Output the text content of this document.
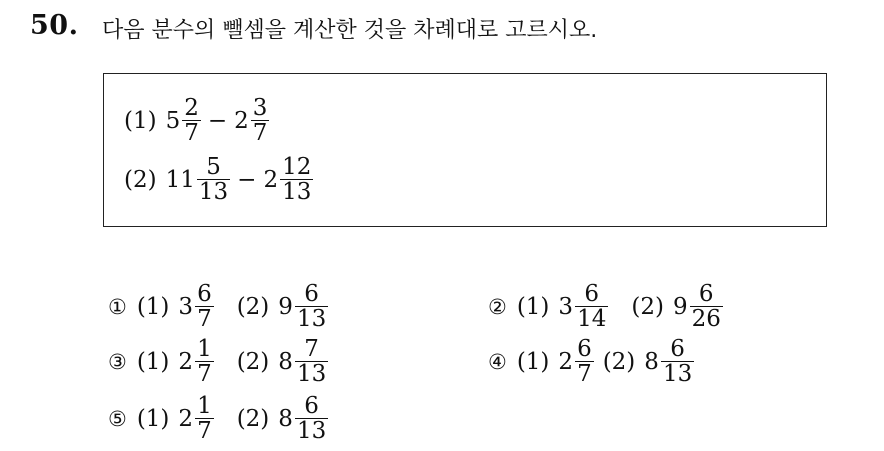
50. 다음 분수의 뺄셈을 계산한 것을 차례대로 고르시오.
(1) $5 \frac{2}{7} - 2 \frac{3}{7}$
(2) $11 \frac{5}{13} - 2 \frac{12}{13}$
① (1) $3 \frac{6}{7} (2)$ $9 \frac{6}{13}$	② (1) $3 \frac{6}{14} (2)$ $9 \frac{6}{26}$
③ (1) $2 \frac{1}{7} (2)$ $8 \frac{7}{13}$	④ (1) $2 \frac{6}{7} (2)$ $8 \frac{6}{13}$
⑤ (1) $2 \frac{1}{7} (2)$ $8 \frac{6}{13}$
